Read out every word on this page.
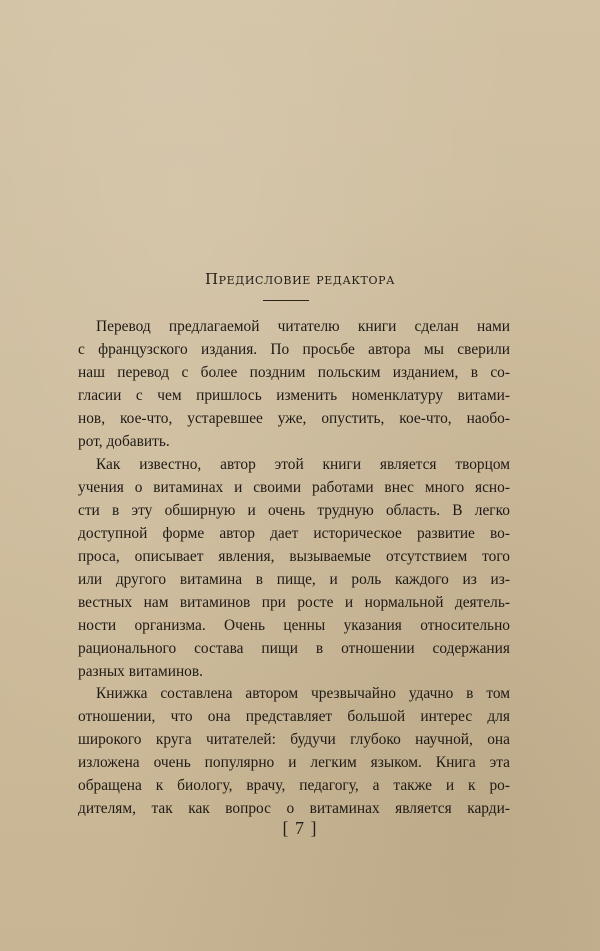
Предисловие редактора
Перевод предлагаемой читателю книги сделан нами
с французского издания. По просьбе автора мы сверили
наш перевод с более поздним польским изданием, в со-
гласии с чем пришлось изменить номенклатуру витами-
нов, кое-что, устаревшее уже, опустить, кое-что, наобо-
рот, добавить.
Как известно, автор этой книги является творцом
учения о витаминах и своими работами внес много ясно-
сти в эту обширную и очень трудную область. В легко
доступной форме автор дает историческое развитие во-
проса, описывает явления, вызываемые отсутствием того
или другого витамина в пище, и роль каждого из из-
вестных нам витаминов при росте и нормальной деятель-
ности организма. Очень ценны указания относительно
рационального состава пищи в отношении содержания
разных витаминов.
Книжка составлена автором чрезвычайно удачно в том
отношении, что она представляет большой интерес для
широкого круга читателей: будучи глубоко научной, она
изложена очень популярно и легким языком. Книга эта
обращена к биологу, врачу, педагогу, а также и к ро-
дителям, так как вопрос о витаминах является карди-
[ 7 ]
